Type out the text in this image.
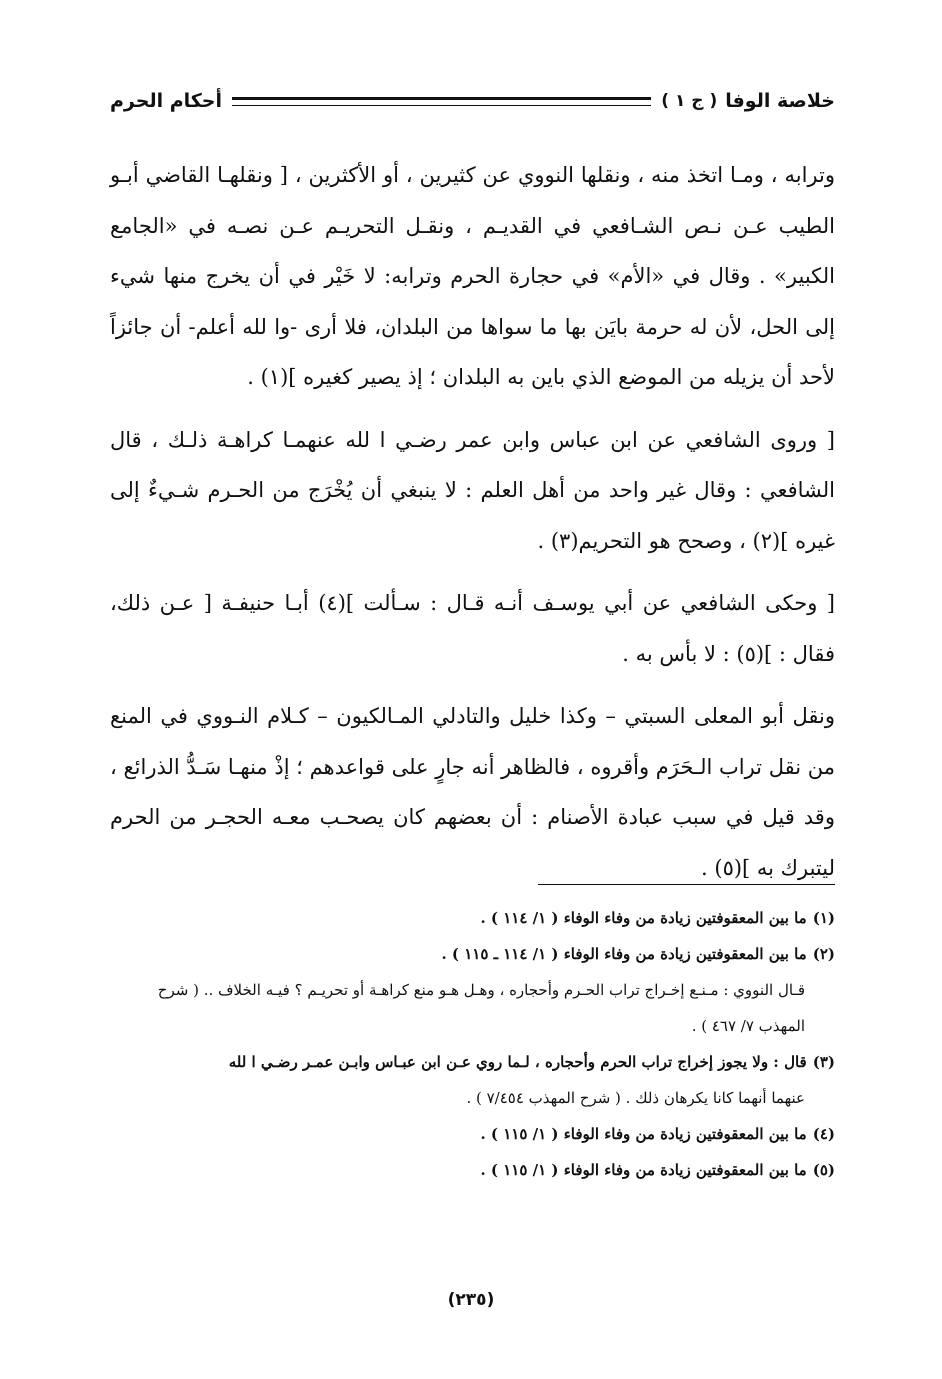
خلاصة الوفا
( ج ١ )
أحكام الحرم

وترابه ، ومـا اتخذ منه ، ونقلها النووي عن كثيرين ، أو الأكثرين ، [ ونقلهـا القاضي أبـو الطيب عـن نـص الشـافعي في القديـم ، ونقـل التحريـم عـن نصـه في «الجامع الكبير» . وقال في «الأم» في حجارة الحرم وترابه: لا خَيْر في أن يخرج منها شيء إلى الحل، لأن له حرمة بايَن بها ما سواها من البلدان، فلا أرى -وا لله أعلم- أن جائزاً لأحد أن يزيله من الموضع الذي باين به البلدان ؛ إذ يصير كغيره ](١) .

[ وروى الشافعي عن ابن عباس وابن عمر رضـي ا لله عنهمـا كراهـة ذلـك ، قال الشافعي : وقال غير واحد من أهل العلم : لا ينبغي أن يُخْرَج من الحـرم شـيءٌ إلى غيره ](٢) ، وصحح هو التحريم(٣) .

[ وحكى الشافعي عن أبي يوسـف أنـه قـال : سـألت ](٤) أبـا حنيفـة [ عـن ذلك، فقال : ](٥) : لا بأس به .

ونقل أبو المعلى السبتي – وكذا خليل والتادلي المـالكيون – كـلام النـووي في المنع من نقل تراب الـحَرَم وأقروه ، فالظاهر أنه جارٍ على قواعدهم ؛ إذْ منهـا سَـدُّ الذرائع ، وقد قيل في سبب عبادة الأصنام : أن بعضهم كان يصحـب معـه الحجـر من الحرم ليتبرك به ](٥) .

(١)ما بين المعقوفتين زيادة من وفاء الوفاء ( ١/ ١١٤ ) .
(٢)ما بين المعقوفتين زيادة من وفاء الوفاء ( ١/ ١١٤ ـ ١١٥ ) .
قـال النووي : مـنـع إخـراج تراب الحـرم وأحجاره ، وهـل هـو منع كراهـة أو تحريـم ؟ فيـه الخلاف .. ( شرح المهذب ٧/ ٤٦٧ ) .
(٣)قال : ولا يجوز إخراج تراب الحرم وأحجاره ، لـما روي عـن ابن عبـاس وابـن عمـر رضـي ا لله
عنهما أنهما كانا يكرهان ذلك . ( شرح المهذب ٧/٤٥٤ ) .
(٤)ما بين المعقوفتين زيادة من وفاء الوفاء ( ١/ ١١٥ ) .
(٥)ما بين المعقوفتين زيادة من وفاء الوفاء ( ١/ ١١٥ ) .
(٢٣٥)
